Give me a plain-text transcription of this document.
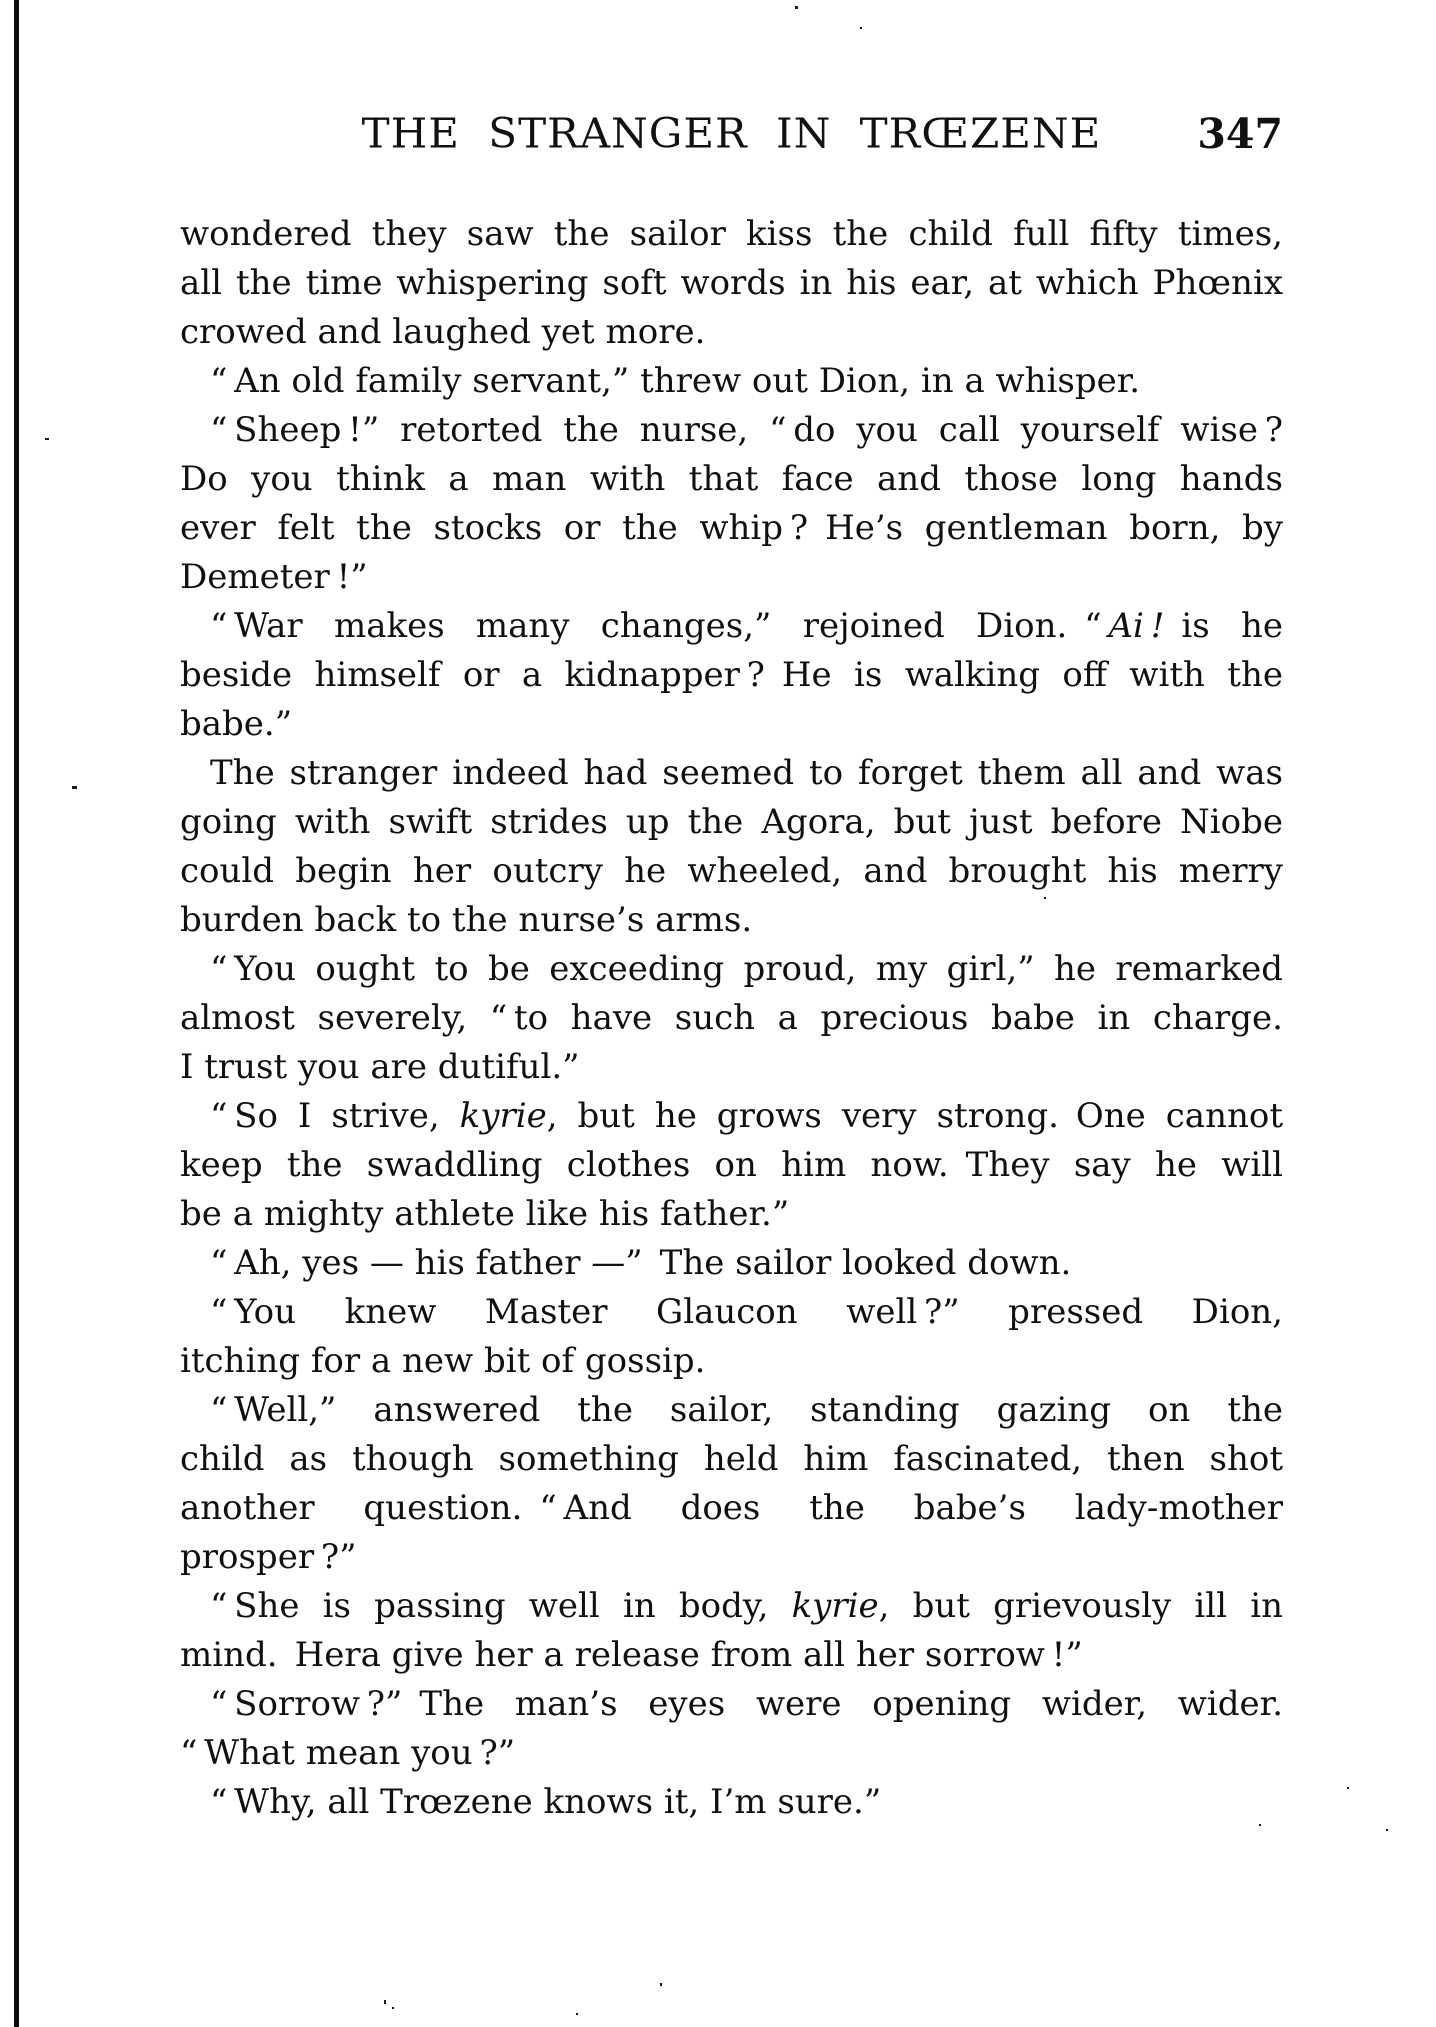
THE STRANGER IN TRŒZENE	347
wondered they saw the sailor kiss the child full fifty times,
all the time whispering soft words in his ear, at which Phœnix
crowed and laughed yet more.
“ An old family servant,” threw out Dion, in a whisper.
“ Sheep !” retorted the nurse, “ do you call yourself wise ?
Do you think a man with that face and those long hands
ever felt the stocks or the whip ? He’s gentleman born, by
Demeter !”
“ War makes many changes,” rejoined Dion. “ Ai ! is he
beside himself or a kidnapper ? He is walking off with the
babe.”
The stranger indeed had seemed to forget them all and was
going with swift strides up the Agora, but just before Niobe
could begin her outcry he wheeled, and brought his merry
burden back to the nurse’s arms.
“ You ought to be exceeding proud, my girl,” he remarked
almost severely, “ to have such a precious babe in charge.
I trust you are dutiful.”
“ So I strive, kyrie, but he grows very strong. One cannot
keep the swaddling clothes on him now. They say he will
be a mighty athlete like his father.”
“ Ah, yes — his father —” The sailor looked down.
“ You knew Master Glaucon well ?” pressed Dion,
itching for a new bit of gossip.
“ Well,” answered the sailor, standing gazing on the
child as though something held him fascinated, then shot
another question. “ And does the babe’s lady-mother
prosper ?”
“ She is passing well in body, kyrie, but grievously ill in
mind. Hera give her a release from all her sorrow !”
“ Sorrow ?” The man’s eyes were opening wider, wider.
“ What mean you ?”
“ Why, all Trœzene knows it, I’m sure.”
